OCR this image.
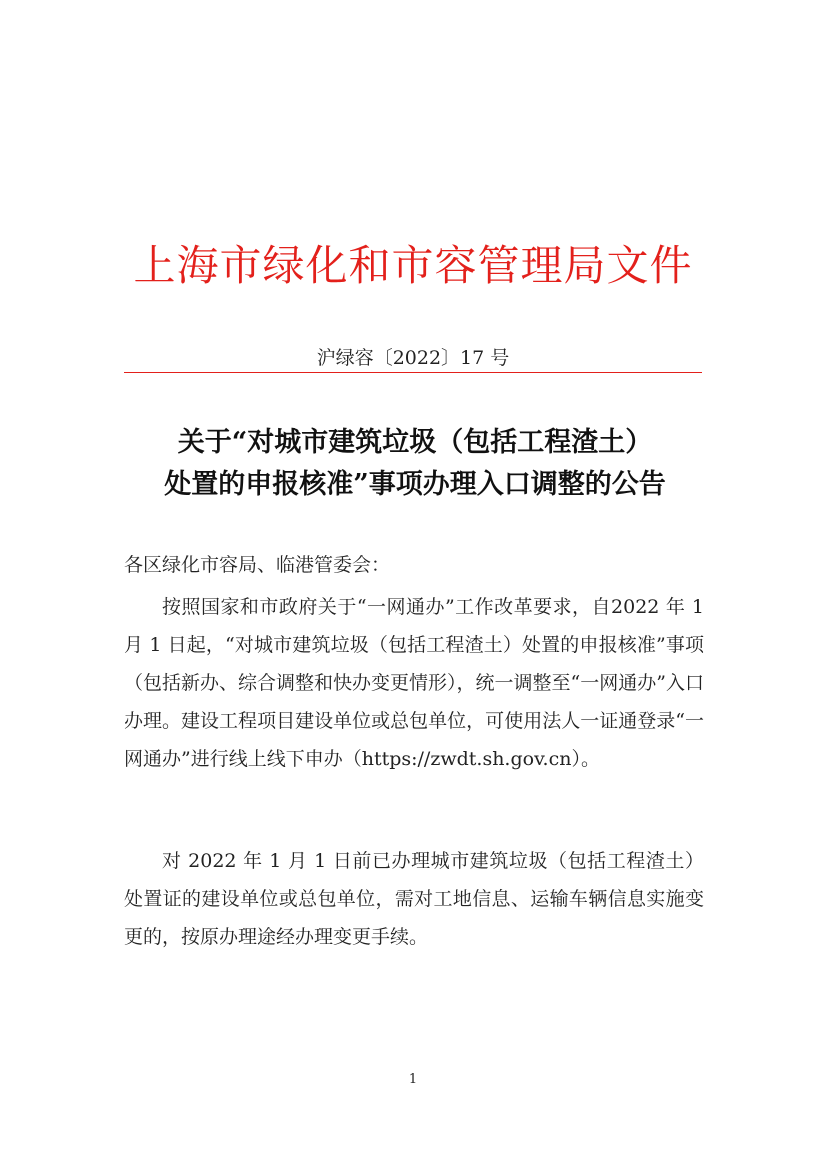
上海市绿化和市容管理局文件
沪绿容〔2022〕17 号
关于“对城市建筑垃圾（包括工程渣土）
处置的申报核准”事项办理入口调整的公告
各区绿化市容局、临港管委会：
按照国家和市政府关于“一网通办”工作改革要求，自2022 年 1 月 1 日起，“对城市建筑垃圾（包括工程渣土）处置的申报核准”事项（包括新办、综合调整和快办变更情形），统一调整至“一网通办”入口办理。建设工程项目建设单位或总包单位，可使用法人一证通登录“一网通办”进行线上线下申办（https://zwdt.sh.gov.cn）。
对 2022 年 1 月 1 日前已办理城市建筑垃圾（包括工程渣土）处置证的建设单位或总包单位，需对工地信息、运输车辆信息实施变更的，按原办理途经办理变更手续。
1
